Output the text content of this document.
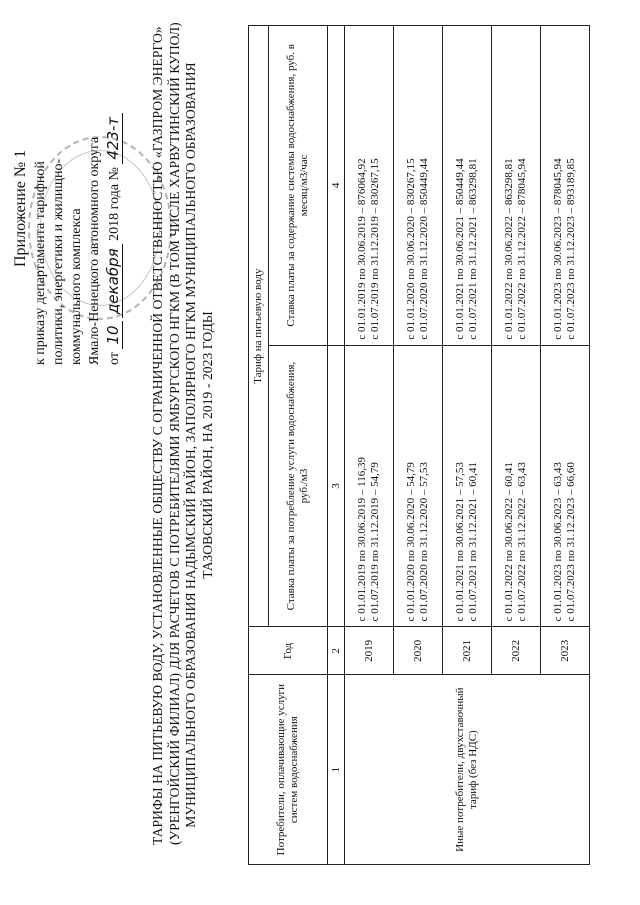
Приложение № 1 к приказу департамента тарифной политики, энергетики и жилищно- коммунального комплекса Ямало-Ненецкого автономного округа от 10 декабря 2018 года № 423-т ТАРИФЫ НА ПИТЬЕВУЮ ВОДУ, УСТАНОВЛЕННЫЕ ОБЩЕСТВУ С ОГРАНИЧЕННОЙ ОТВЕТСТВЕННОСТЬЮ «ГАЗПРОМ ЭНЕРГО» (УРЕНГОЙСКИЙ ФИЛИАЛ) ДЛЯ РАСЧЕТОВ С ПОТРЕБИТЕЛЯМИ ЯМБУРГСКОГО НГКМ (В ТОМ ЧИСЛЕ ХАРВУТИНСКИЙ КУПОЛ) МУНИЦИПАЛЬНОГО ОБРАЗОВАНИЯ НАДЫМСКИЙ РАЙОН, ЗАПОЛЯРНОГО НГКМ МУНИЦИПАЛЬНОГО ОБРАЗОВАНИЯ ТАЗОВСКИЙ РАЙОН, НА 2019 - 2023 ГОДЫ
Потребители, оплачивающие услуги систем водоснабжения	Год	Тариф на питьевую воду	
		Ставка платы за потребление услуги водоснабжения, руб./м3	Ставка платы за содержание системы водоснабжения, руб. в месяц/м3/час
1	2	3	4
Иные потребители, двухставочный тариф (без НДС)	2019	с 01.01.2019 по 30.06.2019 – 116,39 с 01.07.2019 по 31.12.2019 – 54,79	с 01.01.2019 по 30.06.2019 – 876064,92 с 01.07.2019 по 31.12.2019 – 830267,15

	2020	с 01.01.2020 по 30.06.2020 – 54,79 с 01.07.2020 по 31.12.2020 – 57,53	с 01.01.2020 по 30.06.2020 – 830267,15 с 01.07.2020 по 31.12.2020 – 850449,44

	2021	с 01.01.2021 по 30.06.2021 – 57,53 с 01.07.2021 по 31.12.2021 – 60,41	с 01.01.2021 по 30.06.2021 – 850449,44 с 01.07.2021 по 31.12.2021 – 863298,81

	2022	с 01.01.2022 по 30.06.2022 – 60,41 с 01.07.2022 по 31.12.2022 – 63,43	с 01.01.2022 по 30.06.2022 – 863298,81 с 01.07.2022 по 31.12.2022 – 878045,94

	2023	с 01.01.2023 по 30.06.2023 – 63,43 с 01.07.2023 по 31.12.2023 – 66,60	с 01.01.2023 по 30.06.2023 – 878045,94 с 01.07.2023 по 31.12.2023 – 893189,85
